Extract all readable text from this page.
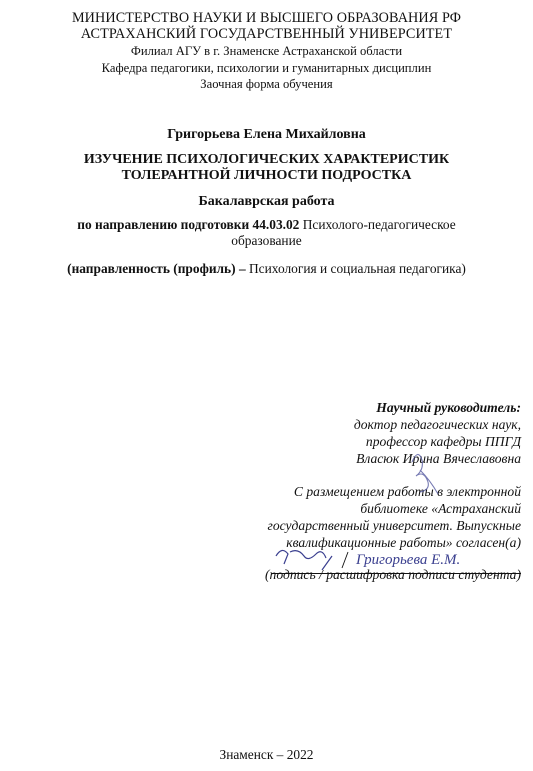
МИНИСТЕРСТВО НАУКИ И ВЫСШЕГО ОБРАЗОВАНИЯ РФ
АСТРАХАНСКИЙ ГОСУДАРСТВЕННЫЙ УНИВЕРСИТЕТ
Филиал АГУ в г. Знаменске Астраханской области
Кафедра педагогики, психологии и гуманитарных дисциплин
Заочная форма обучения
Григорьева Елена Михайловна
ИЗУЧЕНИЕ ПСИХОЛОГИЧЕСКИХ ХАРАКТЕРИСТИК
ТОЛЕРАНТНОЙ ЛИЧНОСТИ ПОДРОСТКА
Бакалаврская работа
по направлению подготовки 44.03.02 Психолого-педагогическое
образование
(направленность (профиль) – Психология и социальная педагогика)
Научный руководитель:
доктор педагогических наук,
профессор кафедры ППГД
Власюк Ирина Вячеславовна
С размещением работы в электронной
библиотеке «Астраханский
государственный университет. Выпускные
квалификационные работы» согласен(а)
(подпись / расшифровка подписи студента)
Григорьева Е.М.
Знаменск – 2022
